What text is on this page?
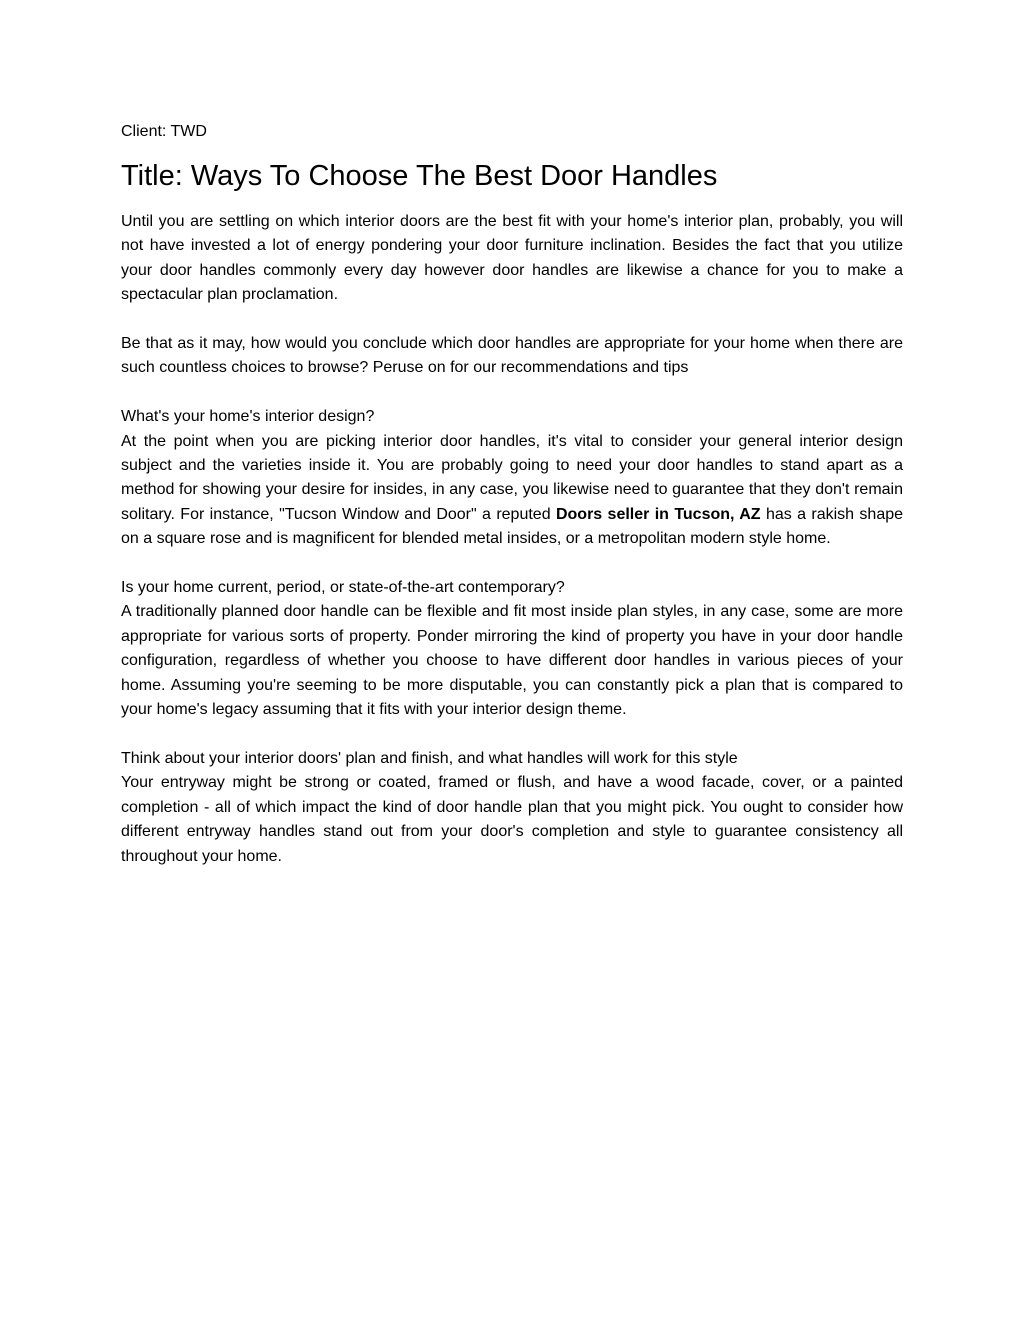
Client: TWD

Title: Ways To Choose The Best Door Handles

Until you are settling on which interior doors are the best fit with your home's interior plan, probably, you will not have invested a lot of energy pondering your door furniture inclination. Besides the fact that you utilize your door handles commonly every day however door handles are likewise a chance for you to make a spectacular plan proclamation.

Be that as it may, how would you conclude which door handles are appropriate for your home when there are such countless choices to browse? Peruse on for our recommendations and tips

What's your home's interior design?

At the point when you are picking interior door handles, it's vital to consider your general interior design subject and the varieties inside it. You are probably going to need your door handles to stand apart as a method for showing your desire for insides, in any case, you likewise need to guarantee that they don't remain solitary. For instance, "Tucson Window and Door" a reputed Doors seller in Tucson, AZ has a rakish shape on a square rose and is magnificent for blended metal insides, or a metropolitan modern style home.

Is your home current, period, or state-of-the-art contemporary?

A traditionally planned door handle can be flexible and fit most inside plan styles, in any case, some are more appropriate for various sorts of property. Ponder mirroring the kind of property you have in your door handle configuration, regardless of whether you choose to have different door handles in various pieces of your home. Assuming you're seeming to be more disputable, you can constantly pick a plan that is compared to your home's legacy assuming that it fits with your interior design theme.

Think about your interior doors' plan and finish, and what handles will work for this style

Your entryway might be strong or coated, framed or flush, and have a wood facade, cover, or a painted completion - all of which impact the kind of door handle plan that you might pick. You ought to consider how different entryway handles stand out from your door's completion and style to guarantee consistency all throughout your home.
